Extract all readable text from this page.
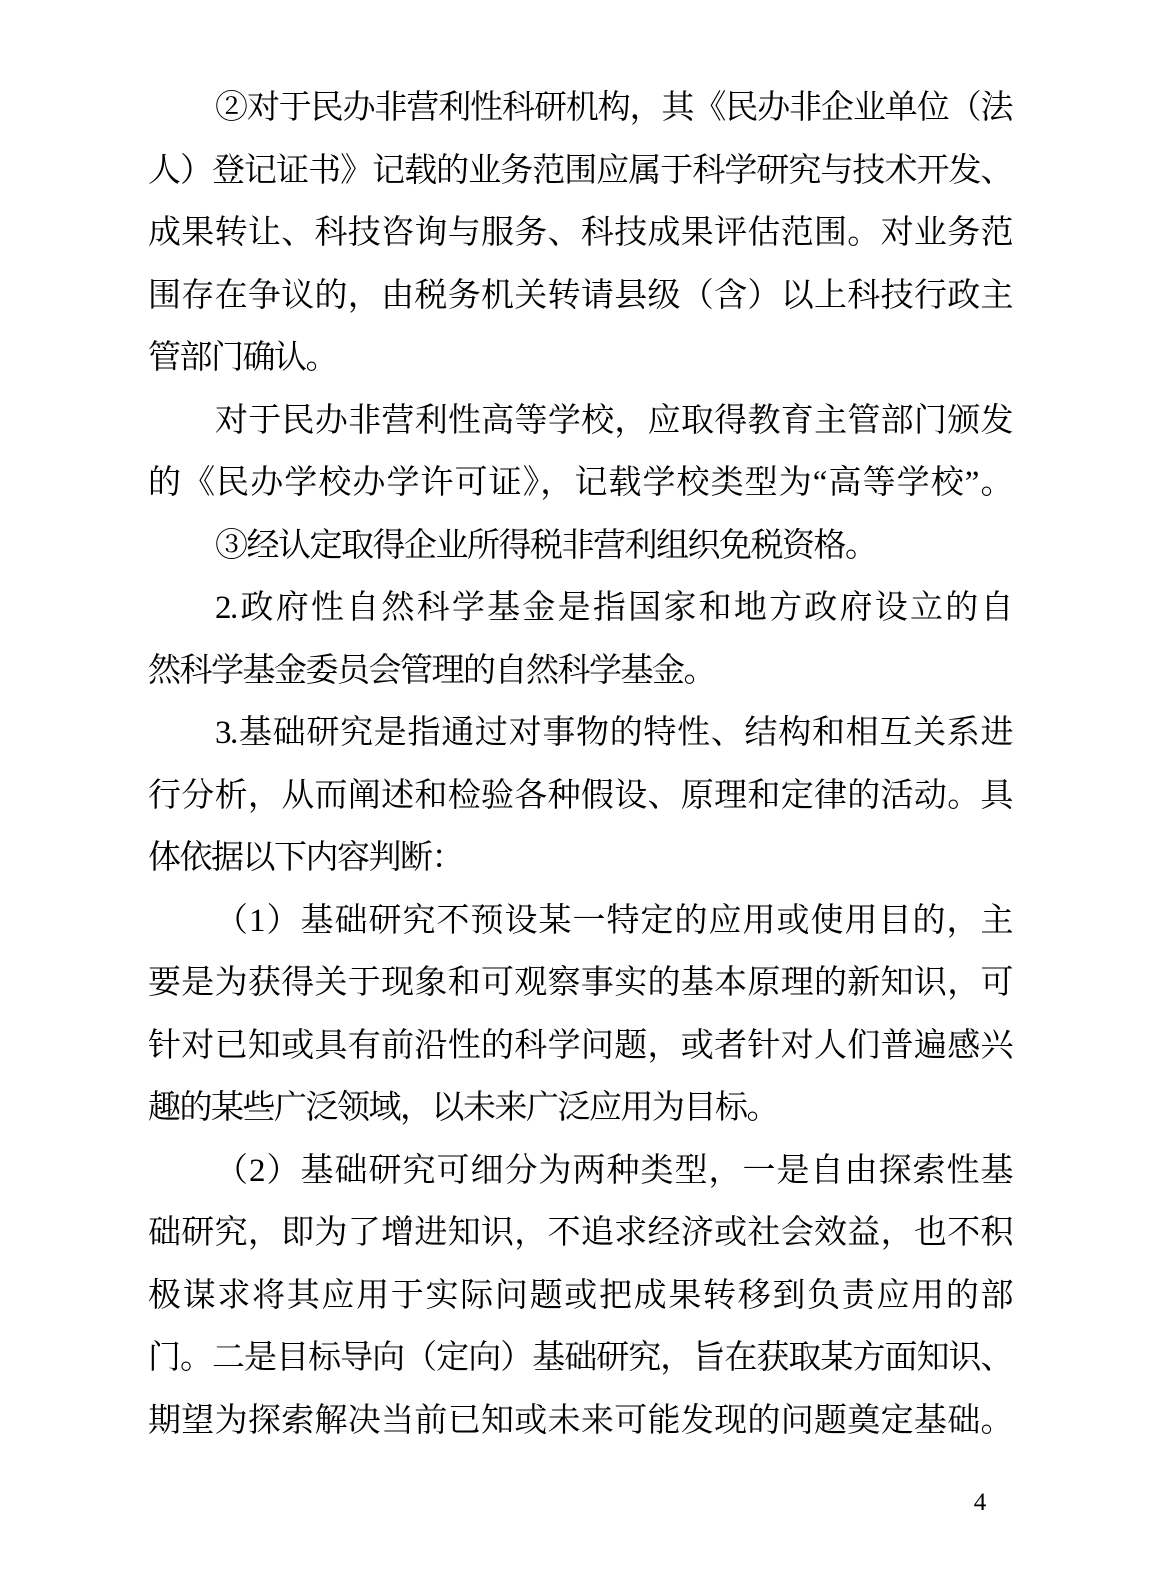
②对于民办非营利性科研机构，其《民办非企业单位（法
人）登记证书》记载的业务范围应属于科学研究与技术开发、
成果转让、科技咨询与服务、科技成果评估范围。对业务范
围存在争议的，由税务机关转请县级（含）以上科技行政主
管部门确认。
对于民办非营利性高等学校，应取得教育主管部门颁发
的《民办学校办学许可证》，记载学校类型为“高等学校”。
③经认定取得企业所得税非营利组织免税资格。
2.政府性自然科学基金是指国家和地方政府设立的自
然科学基金委员会管理的自然科学基金。
3.基础研究是指通过对事物的特性、结构和相互关系进
行分析，从而阐述和检验各种假设、原理和定律的活动。具
体依据以下内容判断：
（1）基础研究不预设某一特定的应用或使用目的，主
要是为获得关于现象和可观察事实的基本原理的新知识，可
针对已知或具有前沿性的科学问题，或者针对人们普遍感兴
趣的某些广泛领域，以未来广泛应用为目标。
（2）基础研究可细分为两种类型，一是自由探索性基
础研究，即为了增进知识，不追求经济或社会效益，也不积
极谋求将其应用于实际问题或把成果转移到负责应用的部
门。二是目标导向（定向）基础研究，旨在获取某方面知识、
期望为探索解决当前已知或未来可能发现的问题奠定基础。
4
